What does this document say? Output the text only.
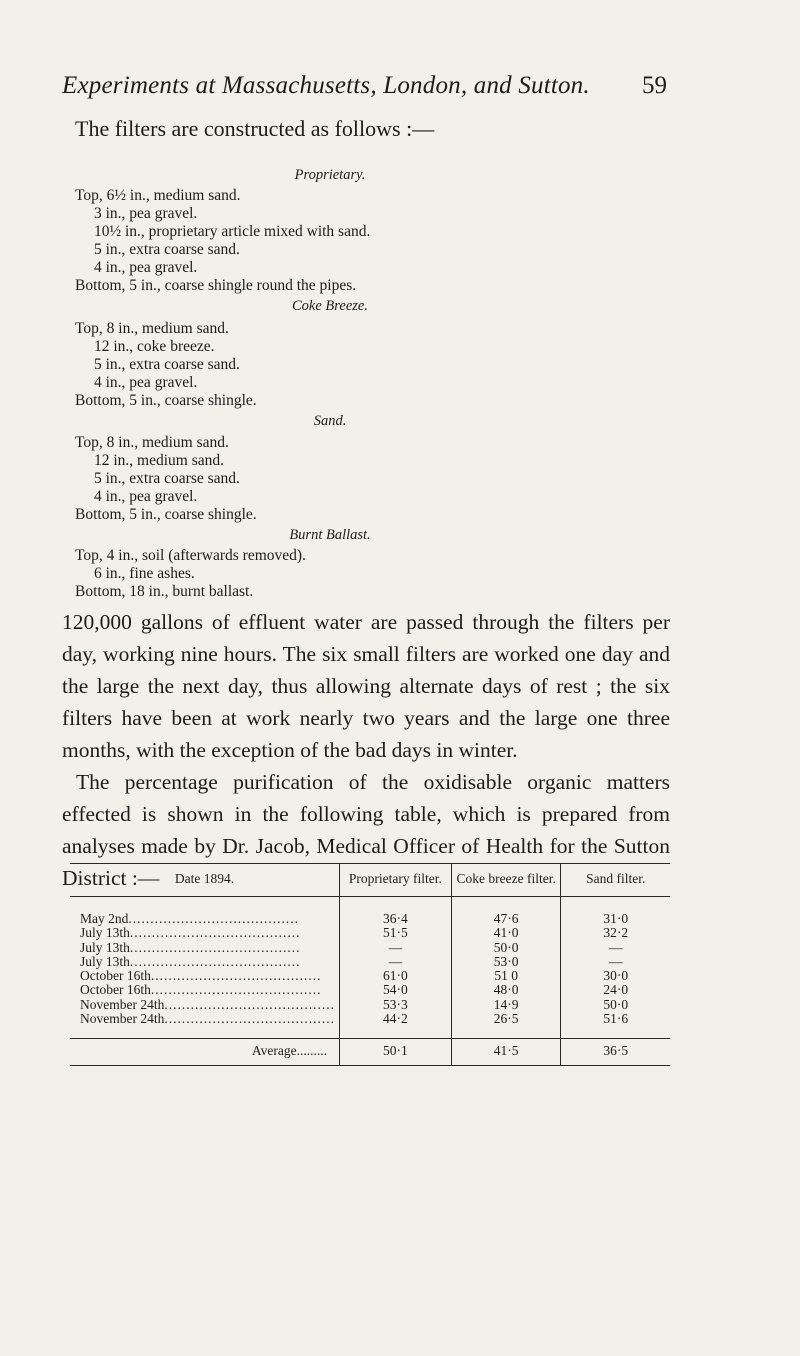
Experiments at Massachusetts, London, and Sutton. 59
The filters are constructed as follows :—
Proprietary.
Top, 6½ in., medium sand.
3 in., pea gravel.
10½ in., proprietary article mixed with sand.
5 in., extra coarse sand.
4 in., pea gravel.
Bottom, 5 in., coarse shingle round the pipes.
Coke Breeze.
Top, 8 in., medium sand.
12 in., coke breeze.
5 in., extra coarse sand.
4 in., pea gravel.
Bottom, 5 in., coarse shingle.
Sand.
Top, 8 in., medium sand.
12 in., medium sand.
5 in., extra coarse sand.
4 in., pea gravel.
Bottom, 5 in., coarse shingle.
Burnt Ballast.
Top, 4 in., soil (afterwards removed).
6 in., fine ashes.
Bottom, 18 in., burnt ballast.

120,000 gallons of effluent water are passed through the filters per day, working nine hours. The six small filters are worked one day and the large the next day, thus allowing alternate days of rest ; the six filters have been at work nearly two years and the large one three months, with the exception of the bad days in winter.

The percentage purification of the oxidisable organic matters effected is shown in the following table, which is prepared from analyses made by Dr. Jacob, Medical Officer of Health for the Sutton District :—	Date 1894.	Proprietary filter.	Coke breeze filter.	Sand filter.
May 2nd.......................................	36·4	47·6	31·0
July 13th.......................................	51·5	41·0	32·2
July 13th.......................................	—	50·0	—
July 13th.......................................	—	53·0	—
October 16th.......................................	61·0	51 0	30·0
October 16th.......................................	54·0	48·0	24·0
November 24th.......................................	53·3	14·9	50·0
November 24th.......................................	44·2	26·5	51·6
Average.........	50·1	41·5	36·5
